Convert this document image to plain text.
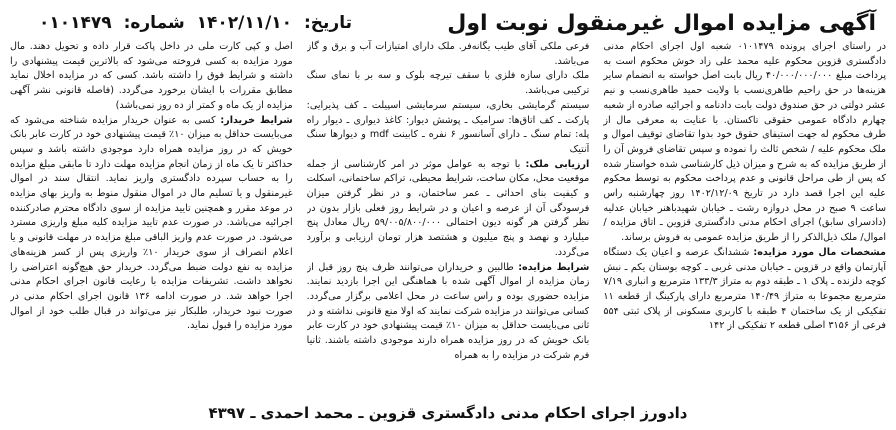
آگهی مزایده اموال غیرمنقول نوبت اول
تاریخ: ۱۴۰۲/۱۱/۱۰ شماره: ۰۱۰۱۴۷۹

در راستای اجرای پرونده ۰۱۰۱۴۷۹ شعبه اول اجرای احکام مدنی دادگستری قزوین محکوم علیه محمد علی زاد خوش محکوم است به پرداخت مبلغ ۴۰/۰۰۰/۰۰۰/۰۰۰ ریال بابت اصل خواسته به انضمام سایر هزینه‌ها در حق راحیم طاهری‌نسب با ولایت حمید طاهری‌نسب و نیم عشر دولتی در حق صندوق دولت بابت دادنامه و اجرائیه صادره از شعبه چهارم دادگاه عمومی حقوقی تاکستان. با عنایت به معرفی مال از طرف محکوم له جهت استیفای حقوق خود بدوا تقاضای توقیف اموال و ملک محکوم علیه / شخص ثالث را نموده و سپس تقاضای فروش آن را از طریق مزایده که به شرح و میزان ذیل کارشناسی شده خواستار شده که پس از طی مراحل قانونی و عدم پرداخت محکوم به توسط محکوم علیه این اجرا قصد دارد در تاریخ ۱۴۰۲/۱۲/۰۹ روز چهارشنبه راس ساعت ۹ صبح در محل دروازه رشت ـ خیابان شهیدباهنر خیابان عدلیه (دادسرای سابق) اجرای احکام مدنی دادگستری قزوین ـ اتاق مزایده / اموال/ ملک ذیل‌الذکر را از طریق مزایده عمومی به فروش برساند.

مشخصات مال مورد مزایده: ششدانگ عرصه و اعیان یک دستگاه آپارتمان واقع در قزوین ـ خیابان مدنی غربی ـ کوچه بوستان یکم ـ نبش کوچه دلزنده ـ پلاک ۱ ـ طبقه دوم به متراژ ۱۳۳/۳ مترمربع و انباری ۷/۱۹ مترمربع مجموعا به متراژ ۱۴۰/۴۹ مترمربع دارای پارکینگ از قطعه ۱۱ تفکیکی از یک ساختمان ۴ طبقه با کاربری مسکونی از پلاک ثبتی ۵۵۴ فرعی از ۳۱۵۶ اصلی قطعه ۲ تفکیکی از ۱۴۲

فرعی ملکی آقای طیب یگانه‌فر. ملک دارای امتیازات آب و برق و گاز می‌باشد.

ملک دارای سازه فلزی با سقف تیرچه بلوک و سه بر با نمای سنگ ترکیبی می‌باشد.

سیستم گرمایشی بخاری، سیستم سرمایشی اسپیلت ـ کف پذیرایی: پارکت ـ کف اتاق‌ها: سرامیک ـ پوشش دیوار: کاغذ دیواری ـ دیوار راه پله: تمام سنگ ـ دارای آسانسور ۶ نفره ـ کابینت mdf و دیوارها سنگ آنتیک

ارزیابی ملک: با توجه به عوامل موثر در امر کارشناسی از جمله موقعیت محل، مکان ساخت، شرایط محیطی، تراکم ساختمانی، اسکلت و کیفیت بنای احداثی ـ عمر ساختمان، و در نظر گرفتن میزان فرسودگی آن از عرصه و اعیان و در شرایط روز فعلی بازار بدون در نظر گرفتن هر گونه دیون احتمالی ۵۹/۰۰۵/۸۰۰/۰۰۰ ریال معادل پنج میلیارد و نهصد و پنج میلیون و هشتصد هزار تومان ارزیابی و برآورد می‌گردد.

شرایط مزایده: طالبین و خریداران می‌توانند ظرف پنج روز قبل از زمان مزایده از اموال آگهی شده با هماهنگی این اجرا بازدید نمایند. مزایده حضوری بوده و راس ساعت در محل اعلامی برگزار می‌گردد. کسانی می‌توانند در مزایده شرکت نمایند که اولا منع قانونی نداشته و در ثانی می‌بایست حداقل به میزان ۱۰٪ قیمت پیشنهادی خود در کارت عابر بانک خویش که در روز مزایده همراه دارند موجودی داشته باشند. ثانیا فرم شرکت در مزایده را به همراه

اصل و کپی کارت ملی در داخل پاکت قرار داده و تحویل دهند. مال مورد مزایده به کسی فروخته می‌شود که بالاترین قیمت پیشنهادی را داشته و شرایط فوق را داشته باشد. کسی که در مزایده اخلال نماید مطابق مقررات با ایشان برخورد می‌گردد. (فاصله قانونی نشر آگهی مزایده از یک ماه و کمتر از ده روز نمی‌باشد)

شرایط خریدار: کسی به عنوان خریدار مزایده شناخته می‌شود که می‌بایست حداقل به میزان ۱۰٪ قیمت پیشنهادی خود در کارت عابر بانک خویش که در روز مزایده همراه دارد موجودی داشته باشد و سپس حداکثر تا یک ماه از زمان انجام مزایده مهلت دارد تا مابقی مبلغ مزایده را به حساب سپرده دادگستری واریز نماید. انتقال سند در اموال غیرمنقول و یا تسلیم مال در اموال منقول منوط به واریز بهای مزایده در موعد مقرر و همچنین تایید مزایده از سوی دادگاه محترم صادرکننده اجرائیه می‌باشد. در صورت عدم تایید مزایده کلیه مبلغ واریزی مسترد می‌شود. در صورت عدم واریز الباقی مبلغ مزایده در مهلت قانونی و یا اعلام انصراف از سوی خریدار ۱۰٪ واریزی پس از کسر هزینه‌های مزایده به نفع دولت ضبط می‌گردد. خریدار حق هیچ‌گونه اعتراضی را نخواهد داشت. تشریفات مزایده با رعایت قانون اجرای احکام مدنی اجرا خواهد شد. در صورت ادامه ۱۳۶ قانون اجرای احکام مدنی در صورت نبود خریدار، طلبکار نیز می‌تواند در قبال طلب خود از اموال مورد مزایده را قبول نماید.

دادورز اجرای احکام مدنی دادگستری قزوین ـ محمد احمدی ـ ۴۳۹۷
